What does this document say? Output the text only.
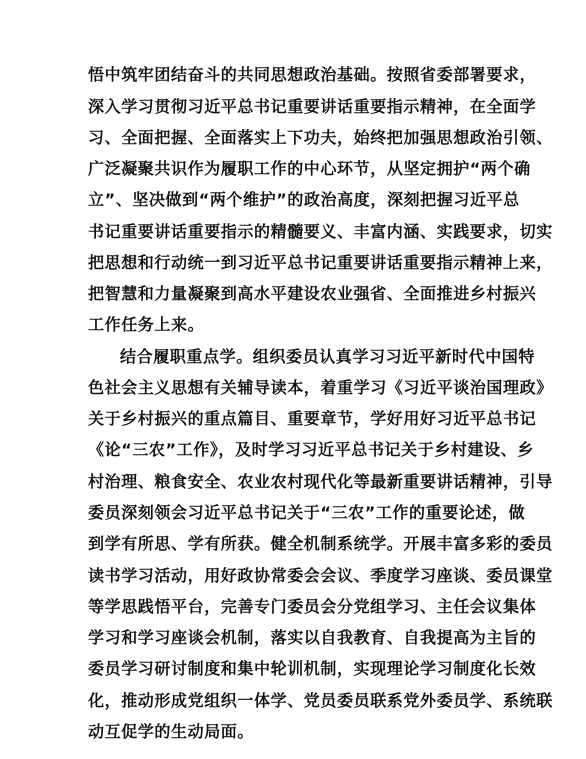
悟中筑牢团结奋斗的共同思想政治基础。按照省委部署要求，
深入学习贯彻习近平总书记重要讲话重要指示精神，在全面学
习、全面把握、全面落实上下功夫，始终把加强思想政治引领、
广泛凝聚共识作为履职工作的中心环节，从坚定拥护“两个确
立”、坚决做到“两个维护”的政治高度，深刻把握习近平总
书记重要讲话重要指示的精髓要义、丰富内涵、实践要求，切实
把思想和行动统一到习近平总书记重要讲话重要指示精神上来，
把智慧和力量凝聚到高水平建设农业强省、全面推进乡村振兴
工作任务上来。
结合履职重点学。组织委员认真学习习近平新时代中国特
色社会主义思想有关辅导读本，着重学习《习近平谈治国理政》
关于乡村振兴的重点篇目、重要章节，学好用好习近平总书记
《论“三农”工作》，及时学习习近平总书记关于乡村建设、乡
村治理、粮食安全、农业农村现代化等最新重要讲话精神，引导
委员深刻领会习近平总书记关于“三农”工作的重要论述，做
到学有所思、学有所获。健全机制系统学。开展丰富多彩的委员
读书学习活动，用好政协常委会会议、季度学习座谈、委员课堂
等学思践悟平台，完善专门委员会分党组学习、主任会议集体
学习和学习座谈会机制，落实以自我教育、自我提高为主旨的
委员学习研讨制度和集中轮训机制，实现理论学习制度化长效
化，推动形成党组织一体学、党员委员联系党外委员学、系统联
动互促学的生动局面。
